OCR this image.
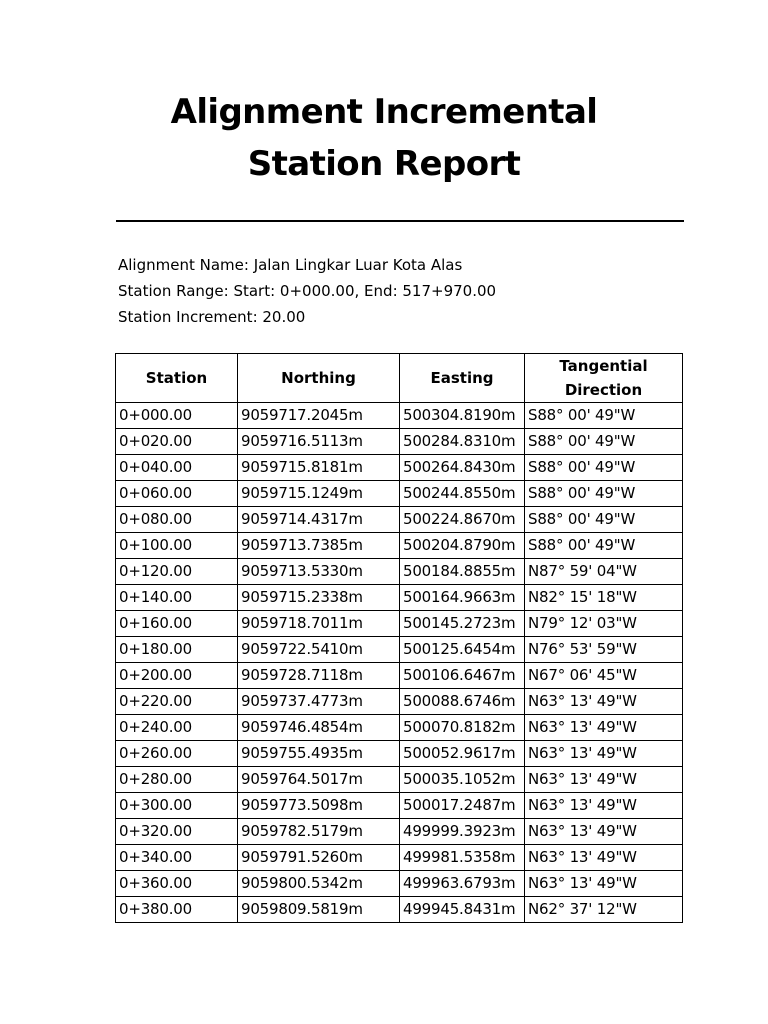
Alignment Incremental
Station Report
Alignment Name: Jalan Lingkar Luar Kota Alas
Station Range: Start: 0+000.00, End: 517+970.00
Station Increment: 20.00
Station	Northing	Easting	Tangential
Direction

0+000.00	9059717.2045m	500304.8190m	S88° 00' 49"W
0+020.00	9059716.5113m	500284.8310m	S88° 00' 49"W
0+040.00	9059715.8181m	500264.8430m	S88° 00' 49"W
0+060.00	9059715.1249m	500244.8550m	S88° 00' 49"W
0+080.00	9059714.4317m	500224.8670m	S88° 00' 49"W
0+100.00	9059713.7385m	500204.8790m	S88° 00' 49"W
0+120.00	9059713.5330m	500184.8855m	N87° 59' 04"W
0+140.00	9059715.2338m	500164.9663m	N82° 15' 18"W
0+160.00	9059718.7011m	500145.2723m	N79° 12' 03"W
0+180.00	9059722.5410m	500125.6454m	N76° 53' 59"W
0+200.00	9059728.7118m	500106.6467m	N67° 06' 45"W
0+220.00	9059737.4773m	500088.6746m	N63° 13' 49"W
0+240.00	9059746.4854m	500070.8182m	N63° 13' 49"W
0+260.00	9059755.4935m	500052.9617m	N63° 13' 49"W
0+280.00	9059764.5017m	500035.1052m	N63° 13' 49"W
0+300.00	9059773.5098m	500017.2487m	N63° 13' 49"W
0+320.00	9059782.5179m	499999.3923m	N63° 13' 49"W
0+340.00	9059791.5260m	499981.5358m	N63° 13' 49"W
0+360.00	9059800.5342m	499963.6793m	N63° 13' 49"W
0+380.00	9059809.5819m	499945.8431m	N62° 37' 12"W
